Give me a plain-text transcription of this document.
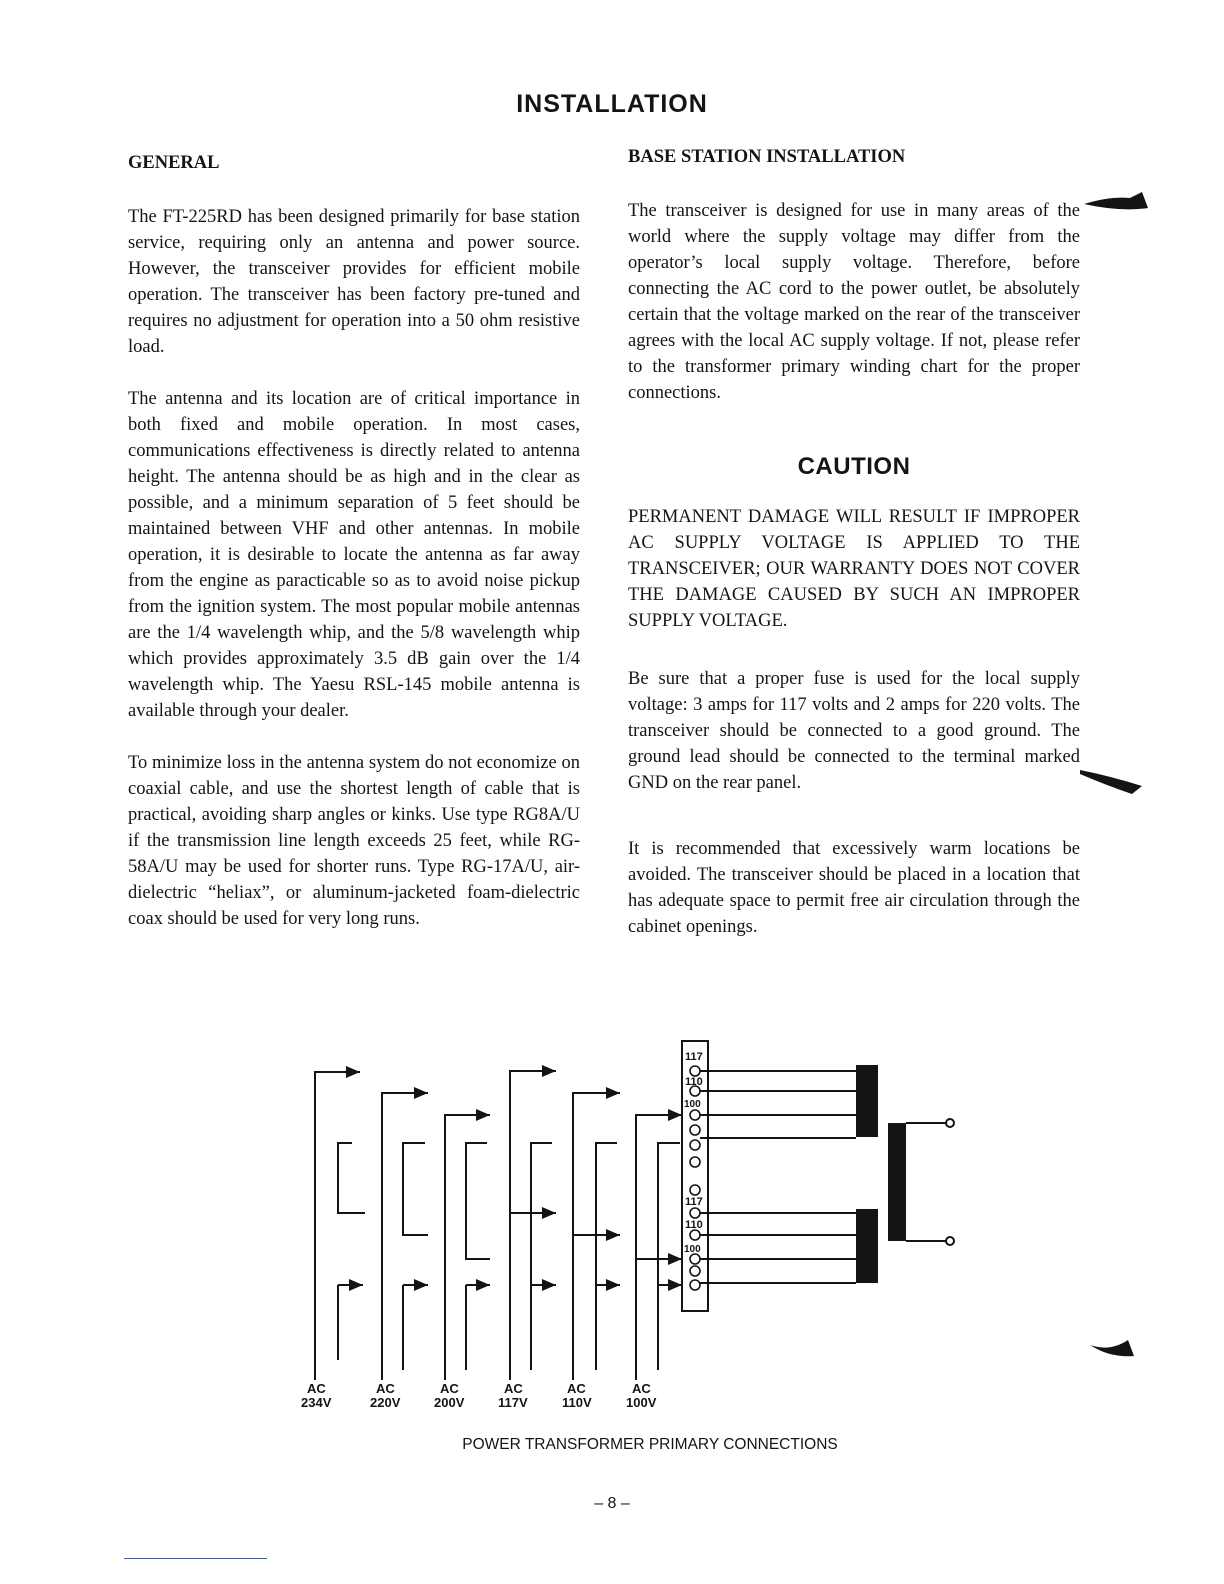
INSTALLATION

GENERAL

The FT-225RD has been designed primarily for base station service, requiring only an antenna and power source. However, the transceiver provides for efficient mobile operation. The transceiver has been factory pre-tuned and requires no adjustment for operation into a 50 ohm resistive load.

The antenna and its location are of critical importance in both fixed and mobile operation. In most cases, communications effectiveness is directly related to antenna height. The antenna should be as high and in the clear as possible, and a minimum separation of 5 feet should be maintained between VHF and other antennas. In mobile operation, it is desirable to locate the antenna as far away from the engine as paracticable so as to avoid noise pickup from the ignition system. The most popular mobile antennas are the 1/4 wavelength whip, and the 5/8 wavelength whip which provides approximately 3.5 dB gain over the 1/4 wavelength whip. The Yaesu RSL-145 mobile antenna is available through your dealer.

To minimize loss in the antenna system do not economize on coaxial cable, and use the shortest length of cable that is practical, avoiding sharp angles or kinks. Use type RG8A/U if the transmission line length exceeds 25 feet, while RG-58A/U may be used for shorter runs. Type RG-17A/U, air-dielectric “heliax”, or aluminum-jacketed foam-dielectric coax should be used for very long runs.

BASE STATION INSTALLATION

The transceiver is designed for use in many areas of the world where the supply voltage may differ from the operator’s local supply voltage. Therefore, before connecting the AC cord to the power outlet, be absolutely certain that the voltage marked on the rear of the transceiver agrees with the local AC supply voltage. If not, please refer to the transformer primary winding chart for the proper connections.

CAUTION

PERMANENT DAMAGE WILL RESULT IF IMPROPER AC SUPPLY VOLTAGE IS APPLIED TO THE TRANSCEIVER; OUR WARRANTY DOES NOT COVER THE DAMAGE CAUSED BY SUCH AN IMPROPER SUPPLY VOLTAGE.

Be sure that a proper fuse is used for the local supply voltage: 3 amps for 117 volts and 2 amps for 220 volts. The transceiver should be connected to a good ground. The ground lead should be connected to the terminal marked GND on the rear panel.

It is recommended that excessively warm locations be avoided. The transceiver should be placed in a location that has adequate space to permit free air circulation through the cabinet openings.

117
110
100
117
110
100
AC
234V
AC
220V
AC
200V
AC
117V
AC
110V
AC
100V
POWER TRANSFORMER PRIMARY CONNECTIONS
– 8 –
